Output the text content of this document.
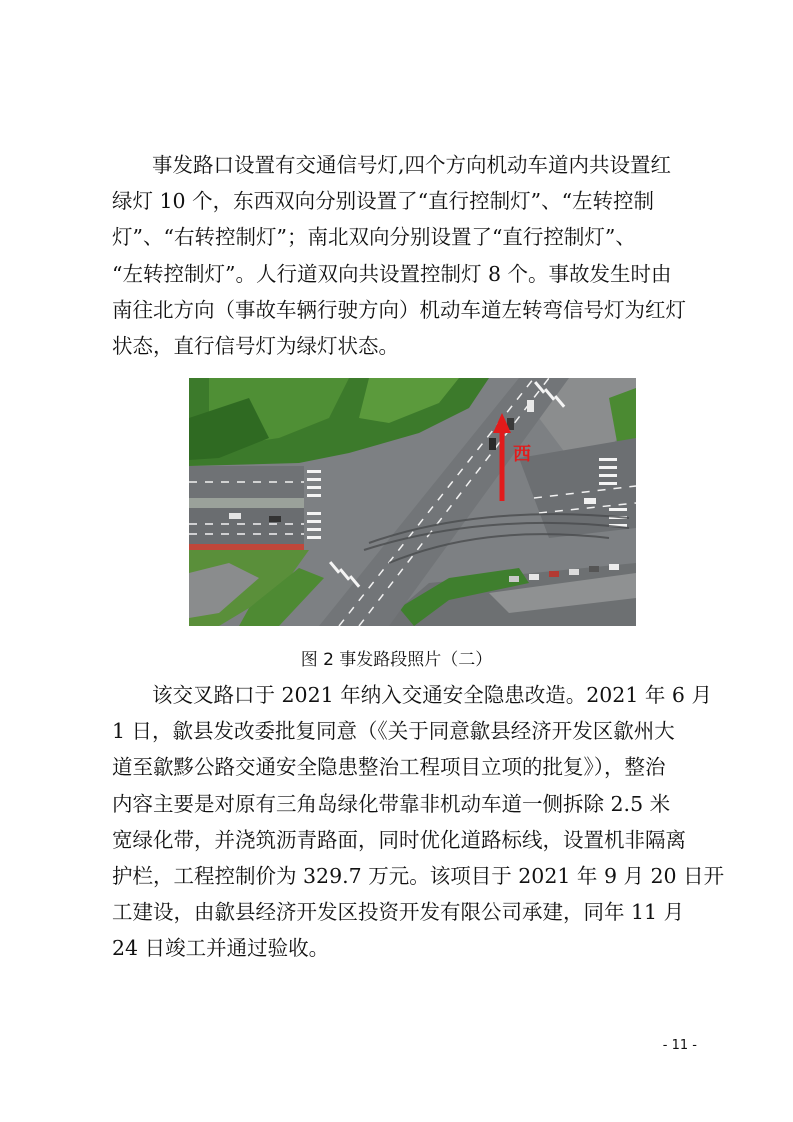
事发路口设置有交通信号灯,四个方向机动车道内共设置红
绿灯 10 个，东西双向分别设置了“直行控制灯”、“左转控制
灯”、“右转控制灯”；南北双向分别设置了“直行控制灯”、
“左转控制灯”。人行道双向共设置控制灯 8 个。事故发生时由
南往北方向（事故车辆行驶方向）机动车道左转弯信号灯为红灯
状态，直行信号灯为绿灯状态。
西
图 2 事发路段照片（二）
该交叉路口于 2021 年纳入交通安全隐患改造。2021 年 6 月
1 日，歙县发改委批复同意（《关于同意歙县经济开发区歙州大
道至歙黟公路交通安全隐患整治工程项目立项的批复》），整治
内容主要是对原有三角岛绿化带靠非机动车道一侧拆除 2.5 米
宽绿化带，并浇筑沥青路面，同时优化道路标线，设置机非隔离
护栏，工程控制价为 329.7 万元。该项目于 2021 年 9 月 20 日开
工建设，由歙县经济开发区投资开发有限公司承建，同年 11 月
24 日竣工并通过验收。
- 11 -
